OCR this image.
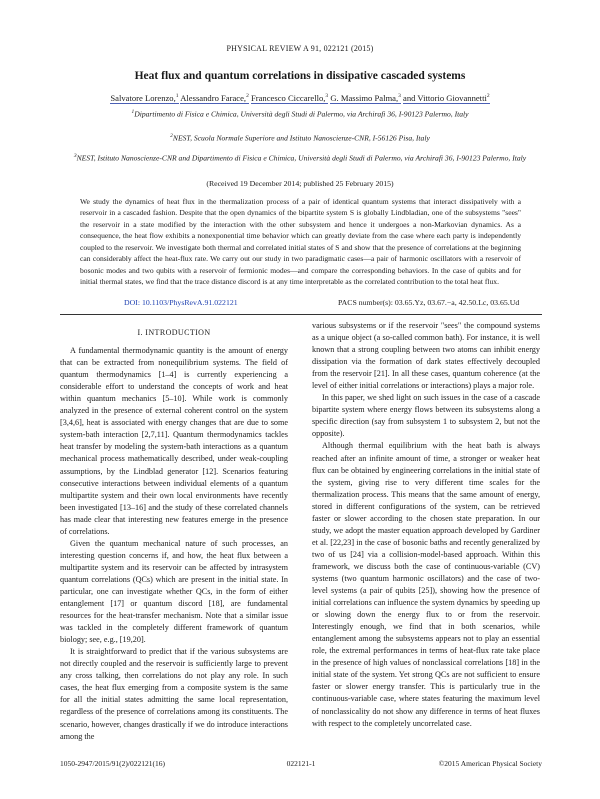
PHYSICAL REVIEW A 91, 022121 (2015)
Heat flux and quantum correlations in dissipative cascaded systems
Salvatore Lorenzo,$^1$ Alessandro Farace,$^2$ Francesco Ciccarello,$^3$ G. Massimo Palma,$^3$ and Vittorio Giovannetti$^2$
$^1$Dipartimento di Fisica e Chimica, Università degli Studi di Palermo, via Archirafi 36, I-90123 Palermo, Italy
$^2$NEST, Scuola Normale Superiore and Istituto Nanoscienze-CNR, I-56126 Pisa, Italy
$^3$NEST, Istituto Nanoscienze-CNR and Dipartimento di Fisica e Chimica, Università degli Studi di Palermo, via Archirafi 36, I-90123 Palermo, Italy
(Received 19 December 2014; published 25 February 2015)
We study the dynamics of heat flux in the thermalization process of a pair of identical quantum systems that interact dissipatively with a reservoir in a cascaded fashion. Despite that the open dynamics of the bipartite system S is globally Lindbladian, one of the subsystems "sees" the reservoir in a state modified by the interaction with the other subsystem and hence it undergoes a non-Markovian dynamics. As a consequence, the heat flow exhibits a nonexponential time behavior which can greatly deviate from the case where each party is independently coupled to the reservoir. We investigate both thermal and correlated initial states of S and show that the presence of correlations at the beginning can considerably affect the heat-flux rate. We carry out our study in two paradigmatic cases—a pair of harmonic oscillators with a reservoir of bosonic modes and two qubits with a reservoir of fermionic modes—and compare the corresponding behaviors. In the case of qubits and for initial thermal states, we find that the trace distance discord is at any time interpretable as the correlated contribution to the total heat flux.
DOI: 10.1103/PhysRevA.91.022121	PACS number(s): 03.65.Yz, 03.67.−a, 42.50.Lc, 03.65.Ud
I. INTRODUCTION

A fundamental thermodynamic quantity is the amount of energy that can be extracted from nonequilibrium systems. The field of quantum thermodynamics [1–4] is currently experiencing a considerable effort to understand the concepts of work and heat within quantum mechanics [5–10]. While work is commonly analyzed in the presence of external coherent control on the system [3,4,6], heat is associated with energy changes that are due to some system-bath interaction [2,7,11]. Quantum thermodynamics tackles heat transfer by modeling the system-bath interactions as a quantum mechanical process mathematically described, under weak-coupling assumptions, by the Lindblad generator [12]. Scenarios featuring consecutive interactions between individual elements of a quantum multipartite system and their own local environments have recently been investigated [13–16] and the study of these correlated channels has made clear that interesting new features emerge in the presence of correlations.

Given the quantum mechanical nature of such processes, an interesting question concerns if, and how, the heat flux between a multipartite system and its reservoir can be affected by intrasystem quantum correlations (QCs) which are present in the initial state. In particular, one can investigate whether QCs, in the form of either entanglement [17] or quantum discord [18], are fundamental resources for the heat-transfer mechanism. Note that a similar issue was tackled in the completely different framework of quantum biology; see, e.g., [19,20].

It is straightforward to predict that if the various subsystems are not directly coupled and the reservoir is sufficiently large to prevent any cross talking, then correlations do not play any role. In such cases, the heat flux emerging from a composite system is the same for all the initial states admitting the same local representation, regardless of the presence of correlations among its constituents. The scenario, however, changes drastically if we do introduce interactions among the

various subsystems or if the reservoir "sees" the compound systems as a unique object (a so-called common bath). For instance, it is well known that a strong coupling between two atoms can inhibit energy dissipation via the formation of dark states effectively decoupled from the reservoir [21]. In all these cases, quantum coherence (at the level of either initial correlations or interactions) plays a major role.

In this paper, we shed light on such issues in the case of a cascade bipartite system where energy flows between its subsystems along a specific direction (say from subsystem 1 to subsystem 2, but not the opposite).

Although thermal equilibrium with the heat bath is always reached after an infinite amount of time, a stronger or weaker heat flux can be obtained by engineering correlations in the initial state of the system, giving rise to very different time scales for the thermalization process. This means that the same amount of energy, stored in different configurations of the system, can be retrieved faster or slower according to the chosen state preparation. In our study, we adopt the master equation approach developed by Gardiner et al. [22,23] in the case of bosonic baths and recently generalized by two of us [24] via a collision-model-based approach. Within this framework, we discuss both the case of continuous-variable (CV) systems (two quantum harmonic oscillators) and the case of two-level systems (a pair of qubits [25]), showing how the presence of initial correlations can influence the system dynamics by speeding up or slowing down the energy flux to or from the reservoir. Interestingly enough, we find that in both scenarios, while entanglement among the subsystems appears not to play an essential role, the extremal performances in terms of heat-flux rate take place in the presence of high values of nonclassical correlations [18] in the initial state of the system. Yet strong QCs are not sufficient to ensure faster or slower energy transfer. This is particularly true in the continuous-variable case, where states featuring the maximum level of nonclassicality do not show any difference in terms of heat fluxes with respect to the completely uncorrelated case.

1050-2947/2015/91(2)/022121(16)	022121-1	©2015 American Physical Society
